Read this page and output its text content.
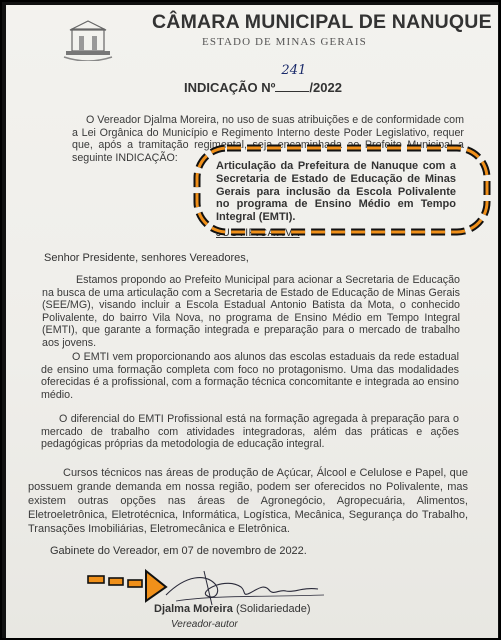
CÂMARA MUNICIPAL DE NANUQUE
ESTADO DE MINAS GERAIS
INDICAÇÃO Nº
241
/2022
O Vereador Djalma Moreira, no uso de suas atribuições e de conformidade com a Lei Orgânica do Município e Regimento Interno deste Poder Legislativo, requer que, após a tramitação regimental, seja encaminhada ao Prefeito Municipal a seguinte INDICAÇÃO:
Articulação da Prefeitura de Nanuque com a Secretaria de Estado de Educação de Minas Gerais para inclusão da Escola Polivalente no programa de Ensino Médio em Tempo Integral (EMTI).
JUSTIFICATIVA
Senhor Presidente, senhores Vereadores,
Estamos propondo ao Prefeito Municipal para acionar a Secretaria de Educação na busca de uma articulação com a Secretaria de Estado de Educação de Minas Gerais (SEE/MG), visando incluir a Escola Estadual Antonio Batista da Mota, o conhecido Polivalente, do bairro Vila Nova, no programa de Ensino Médio em Tempo Integral (EMTI), que garante a formação integrada e preparação para o mercado de trabalho aos jovens.
O EMTI vem proporcionando aos alunos das escolas estaduais da rede estadual de ensino uma formação completa com foco no protagonismo. Uma das modalidades oferecidas é a profissional, com a formação técnica concomitante e integrada ao ensino médio.
O diferencial do EMTI Profissional está na formação agregada à preparação para o mercado de trabalho com atividades integradoras, além das práticas e ações pedagógicas próprias da metodologia de educação integral.
Cursos técnicos nas áreas de produção de Açúcar, Álcool e Celulose e Papel, que possuem grande demanda em nossa região, podem ser oferecidos no Polivalente, mas existem outras opções nas áreas de Agronegócio, Agropecuária, Alimentos, Eletroeletrônica, Eletrotécnica, Informática, Logística, Mecânica, Segurança do Trabalho, Transações Imobiliárias, Eletromecânica e Eletrônica.
Gabinete do Vereador, em 07 de novembro de 2022.
Djalma Moreira (Solidariedade)
Vereador-autor
